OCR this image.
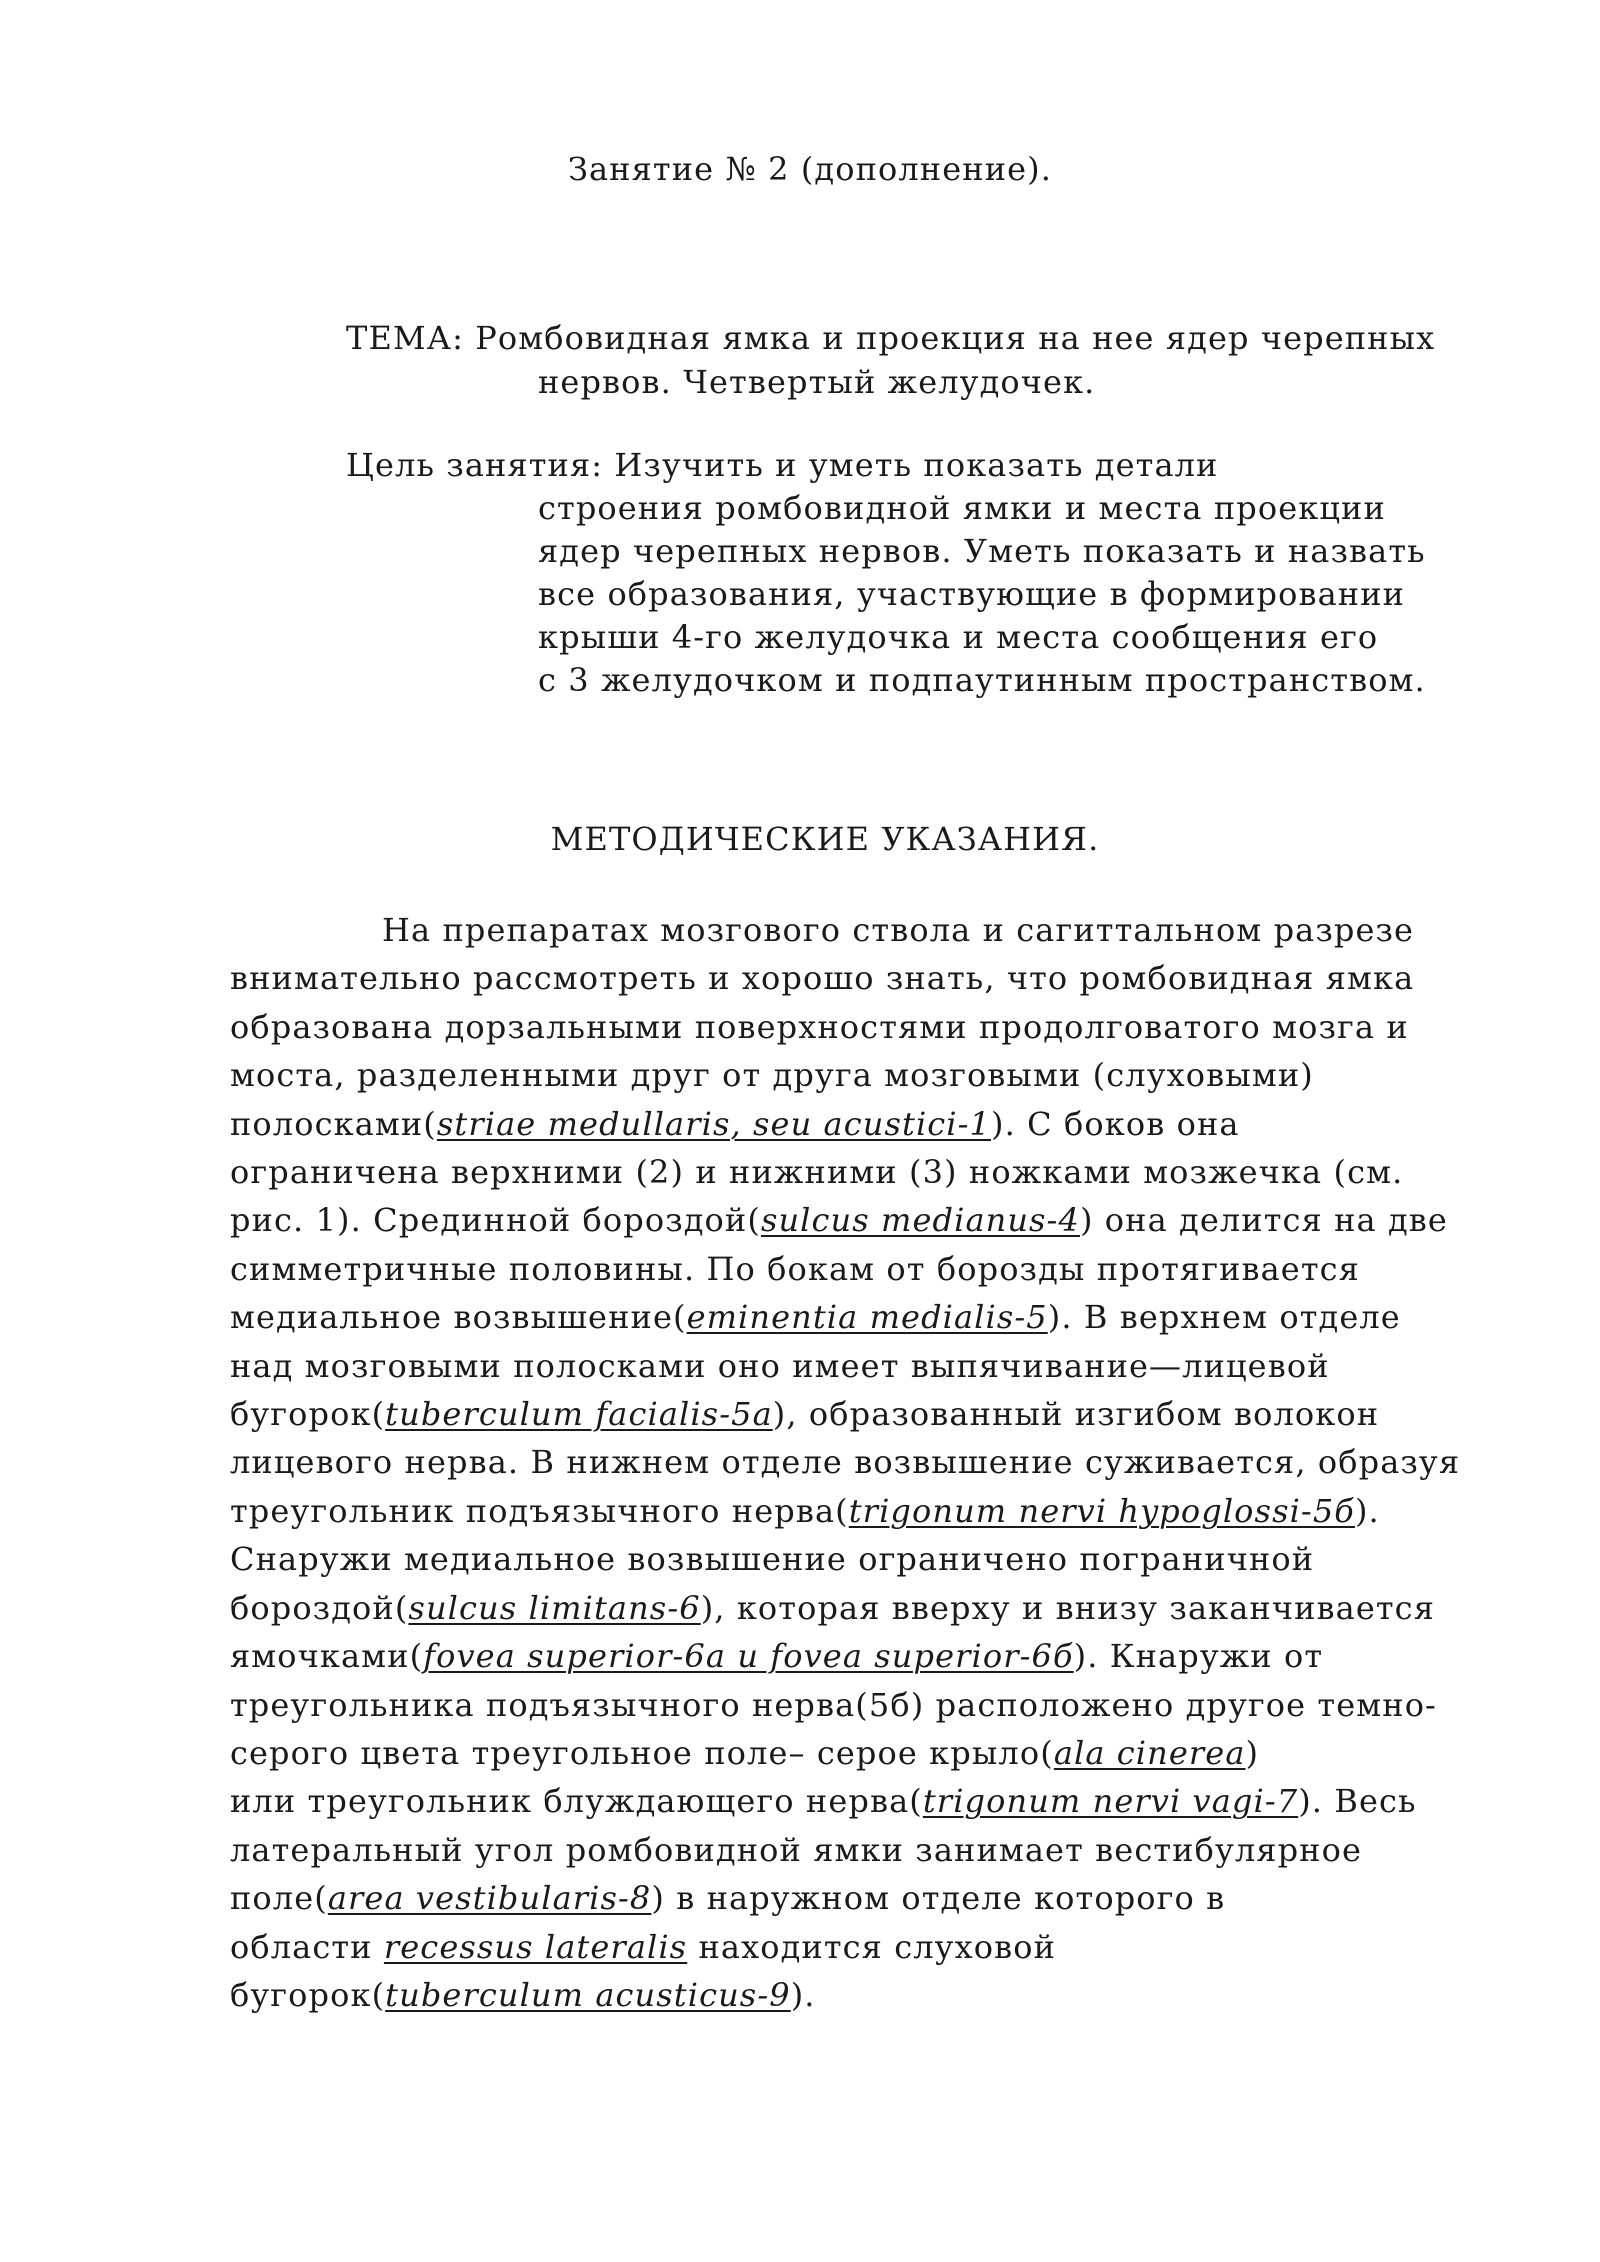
Занятие № 2 (дополнение).
ТЕМА: Ромбовидная ямка и проекция на нее ядер черепных
нервов. Четвертый желудочек.
Цель занятия: Изучить и уметь показать детали
строения ромбовидной ямки и места проекции
ядер черепных нервов. Уметь показать и назвать
все образования, участвующие в формировании
крыши 4-го желудочка и места сообщения его
с 3 желудочком и подпаутинным пространством.
МЕТОДИЧЕСКИЕ УКАЗАНИЯ.
На препаратах мозгового ствола и сагиттальном разрезе
внимательно рассмотреть и хорошо знать, что ромбовидная ямка
образована дорзальными поверхностями продолговатого мозга и
моста, разделенными друг от друга мозговыми (слуховыми)
полосками(striae medullaris, seu acustici-1). С боков она
ограничена верхними (2) и нижними (3) ножками мозжечка (см.
рис. 1). Срединной бороздой(sulcus medianus-4) она делится на две
симметричные половины. По бокам от борозды протягивается
медиальное возвышение(eminentia medialis-5). В верхнем отделе
над мозговыми полосками оно имеет выпячивание—лицевой
бугорок(tuberculum facialis-5а), образованный изгибом волокон
лицевого нерва. В нижнем отделе возвышение суживается, образуя
треугольник подъязычного нерва(trigonum nervi hypoglossi-5б).
Снаружи медиальное возвышение ограничено пограничной
бороздой(sulcus limitans-6), которая вверху и внизу заканчивается
ямочками(fovea superior-6а и fovea superior-6б). Кнаружи от
треугольника подъязычного нерва(5б) расположено другое темно-
серого цвета треугольное поле– серое крыло(ala cinerea)
или треугольник блуждающего нерва(trigonum nervi vagi-7). Весь
латеральный угол ромбовидной ямки занимает вестибулярное
поле(area vestibularis-8) в наружном отделе которого в
области recessus lateralis находится слуховой
бугорок(tuberculum acusticus-9).
